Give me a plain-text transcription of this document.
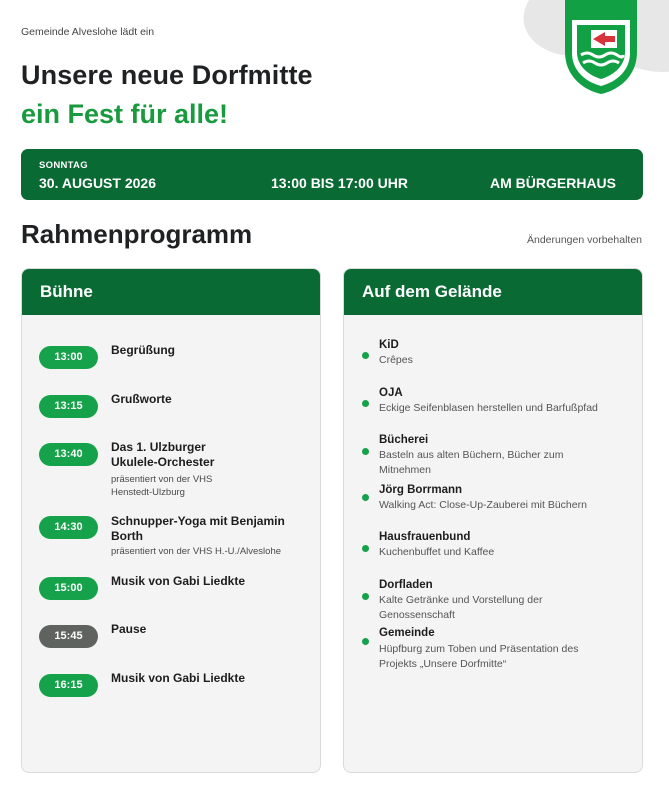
Gemeinde Alveslohe lädt ein
Unsere neue Dorfmitte
ein Fest für alle!
SONNTAG
30. AUGUST 2026	13:00 BIS 17:00 UHR	AM BÜRGERHAUS
Rahmenprogramm	Änderungen vorbehalten
Bühne
13:00	Begrüßung
13:15	Grußworte
13:40	Das 1. Ulzburger Ukulele-Orchester
präsentiert von der VHS Henstedt-Ulzburg
14:30	Schnupper-Yoga mit Benjamin Borth
präsentiert von der VHS H.-U./Alveslohe
15:00	Musik von Gabi Liedkte
15:45	Pause
16:15	Musik von Gabi Liedkte
Auf dem Gelände
KiD
Crêpes
OJA
Eckige Seifenblasen herstellen und Barfußpfad
Bücherei
Basteln aus alten Büchern, Bücher zum Mitnehmen
Jörg Borrmann
Walking Act: Close-Up-Zauberei mit Büchern
Hausfrauenbund
Kuchenbuffet und Kaffee
Dorfladen
Kalte Getränke und Vorstellung der Genossenschaft
Gemeinde
Hüpfburg zum Toben und Präsentation des Projekts „Unsere Dorfmitte“
